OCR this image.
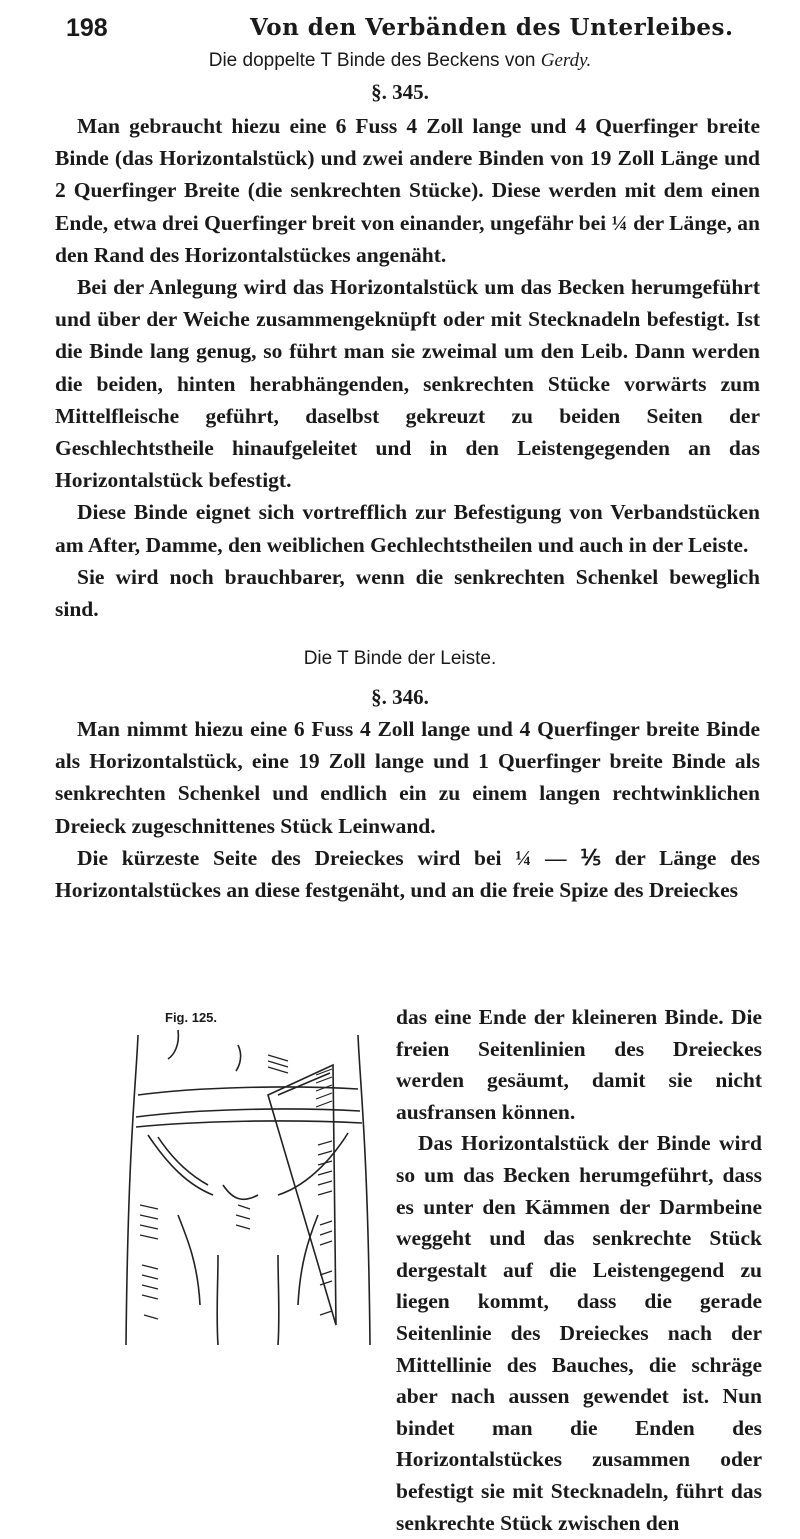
198	Von den Verbänden des Unterleibes.
Die doppelte T Binde des Beckens von Gerdy.
§. 345.

Man gebraucht hiezu eine 6 Fuss 4 Zoll lange und 4 Querfinger breite Binde (das Horizontalstück) und zwei andere Binden von 19 Zoll Länge und 2 Querfinger Breite (die senkrechten Stücke). Diese werden mit dem einen Ende, etwa drei Querfinger breit von einander, ungefähr bei ¼ der Länge, an den Rand des Horizontalstückes angenäht.

Bei der Anlegung wird das Horizontalstück um das Becken herumgeführt und über der Weiche zusammengeknüpft oder mit Stecknadeln befestigt. Ist die Binde lang genug, so führt man sie zweimal um den Leib. Dann werden die beiden, hinten herabhängenden, senkrechten Stücke vorwärts zum Mittelfleische geführt, daselbst gekreuzt zu beiden Seiten der Geschlechtstheile hinaufgeleitet und in den Leistengegenden an das Horizontalstück befestigt.

Diese Binde eignet sich vortrefflich zur Befestigung von Verbandstücken am After, Damme, den weiblichen Gechlechtstheilen und auch in der Leiste.

Sie wird noch brauchbarer, wenn die senkrechten Schenkel beweglich sind.

Die T Binde der Leiste.
§. 346.

Man nimmt hiezu eine 6 Fuss 4 Zoll lange und 4 Querfinger breite Binde als Horizontalstück, eine 19 Zoll lange und 1 Querfinger breite Binde als senkrechten Schenkel und endlich ein zu einem langen rechtwinklichen Dreieck zugeschnittenes Stück Leinwand.

Die kürzeste Seite des Dreieckes wird bei ¼ — ⅕ der Länge des Horizontalstückes an diese festgenäht, und an die freie Spize des Dreieckes

Fig. 125.	das eine Ende der kleineren Binde. Die freien Seitenlinien des Dreieckes werden gesäumt, damit sie nicht ausfransen können.

Das Horizontalstück der Binde wird so um das Becken herumgeführt, dass es unter den Kämmen der Darmbeine weggeht und das senkrechte Stück dergestalt auf die Leistengegend zu liegen kommt, dass die gerade Seitenlinie des Dreieckes nach der Mittellinie des Bauches, die schräge aber nach aussen gewendet ist. Nun bindet man die Enden des Horizontalstückes zusammen oder befestigt sie mit Stecknadeln, führt das senkrechte Stück zwischen den
